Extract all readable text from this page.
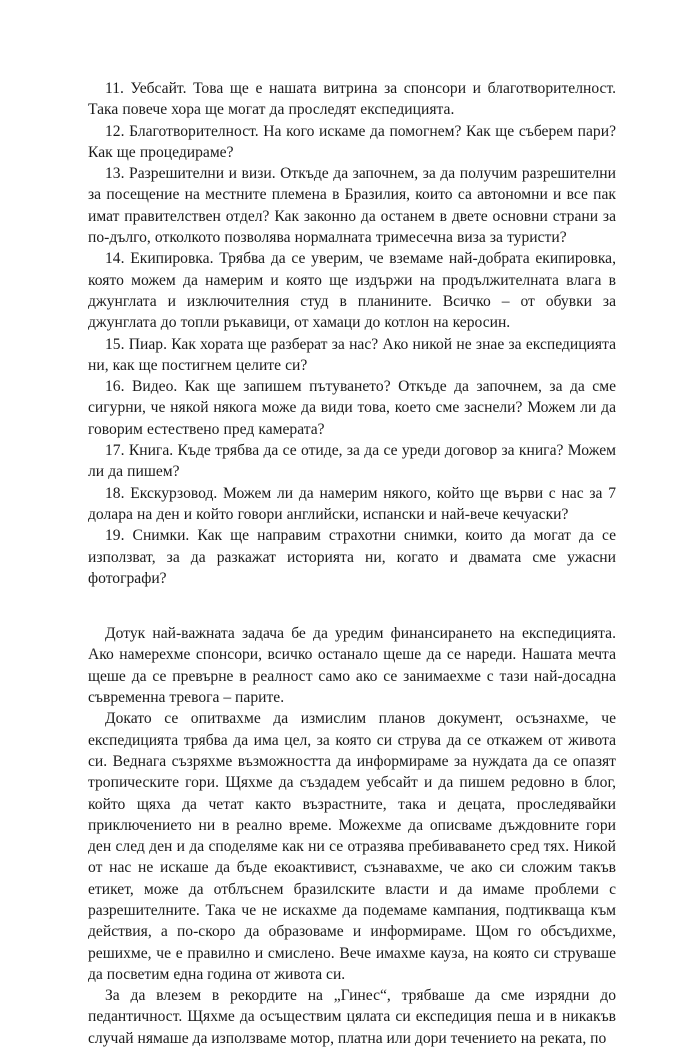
11. Уебсайт. Това ще е нашата витрина за спонсори и благотворителност. Така повече хора ще могат да проследят експедицията.

12. Благотворителност. На кого искаме да помогнем? Как ще съберем пари? Как ще процедираме?

13. Разрешителни и визи. Откъде да започнем, за да получим разрешителни за посещение на местните племена в Бразилия, които са автономни и все пак имат правителствен отдел? Как законно да останем в двете основни страни за по-дълго, отколкото позволява нормалната тримесечна виза за туристи?

14. Екипировка. Трябва да се уверим, че вземаме най-добрата екипировка, която можем да намерим и която ще издържи на продължителната влага в джунглата и изключителния студ в планините. Всичко – от обувки за джунглата до топли ръкавици, от хамаци до котлон на керосин.

15. Пиар. Как хората ще разберат за нас? Ако никой не знае за експедицията ни, как ще постигнем целите си?

16. Видео. Как ще запишем пътуването? Откъде да започнем, за да сме сигурни, че някой някога може да види това, което сме заснели? Можем ли да говорим естествено пред камерата?

17. Книга. Къде трябва да се отиде, за да се уреди договор за книга? Можем ли да пишем?

18. Екскурзовод. Можем ли да намерим някого, който ще върви с нас за 7 долара на ден и който говори английски, испански и най-вече кечуаски?

19. Снимки. Как ще направим страхотни снимки, които да могат да се използват, за да разкажат историята ни, когато и двамата сме ужасни фотографи?

Дотук най-важната задача бе да уредим финансирането на експедицията. Ако намерехме спонсори, всичко останало щеше да се нареди. Нашата мечта щеше да се превърне в реалност само ако се занимаехме с тази най-досадна съвременна тревога – парите.

Докато се опитвахме да измислим планов документ, осъзнахме, че експедицията трябва да има цел, за която си струва да се откажем от живота си. Веднага съзряхме възможността да информираме за нуждата да се опазят тропическите гори. Щяхме да създадем уебсайт и да пишем редовно в блог, който щяха да четат както възрастните, така и децата, проследявайки приключението ни в реално време. Можехме да описваме дъждовните гори ден след ден и да споделяме как ни се отразява пребиваването сред тях. Никой от нас не искаше да бъде екоактивист, съзнавахме, че ако си сложим такъв етикет, може да отблъснем бразилските власти и да имаме проблеми с разрешителните. Така че не искахме да подемаме кампания, подтикваща към действия, а по-скоро да образоваме и информираме. Щом го обсъдихме, решихме, че е правилно и смислено. Вече имахме кауза, на която си струваше да посветим една година от живота си.

За да влезем в рекордите на „Гинес“, трябваше да сме изрядни до педантичност. Щяхме да осъществим цялата си експедиция пеша и в никакъв случай нямаше да използваме мотор, платна или дори течението на реката, по
